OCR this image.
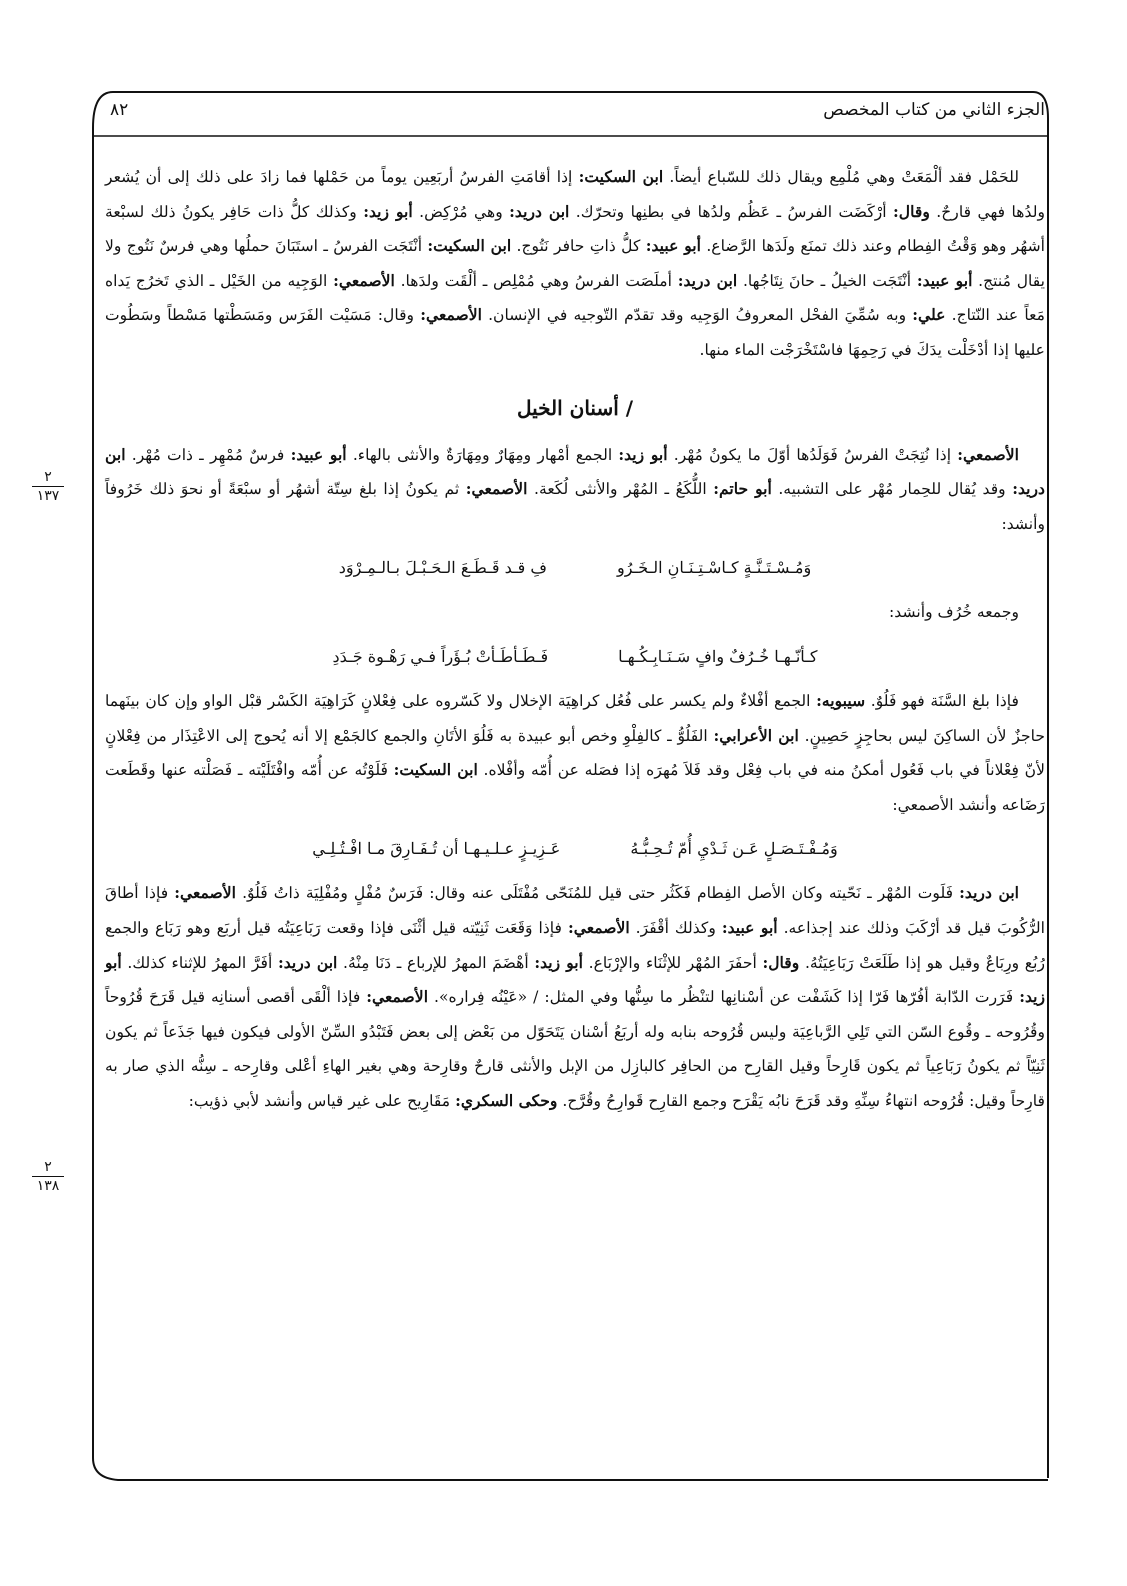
الجزء الثاني من كتاب المخصص
٨٢

للحَمْل فقد ألْمَعَتْ وهي مُلْمِع ويقال ذلك للسّباع أيضاً. ابن السكيت: إذا أقامَتِ الفرسُ أربَعِين يوماً من حَمْلها فما زادَ على ذلك إلى أن يُشعر ولدُها فهي قارحٌ. وقال: أرْكَضَت الفرسُ ـ عَظُم ولدُها في بطنِها وتحرّك. ابن دريد: وهي مُرْكِض. أبو زيد: وكذلك كلُّ ذات حَافِر يكونُ ذلك لسبْعة أشهُر وهو وَقْتُ الفِطام وعند ذلك تمنَع ولَدَها الرَّضاع. أبو عبيد: كلُّ ذاتِ حافر نَتُوج. ابن السكيت: أنْتَجَت الفرسُ ـ استَبَانَ حملُها وهي فرسٌ نَتُوج ولا يقال مُنتج. أبو عبيد: أنْتَجَت الخيلُ ـ حانَ نِتَاجُها. ابن دريد: أملَصَت الفرسُ وهي مُمْلِص ـ ألْقَت ولدَها. الأصمعي: الوَجِيه من الخَيْل ـ الذي تَخرُج يَداه مَعاً عند النّتاج. علي: وبه سُمِّيَ الفحْل المعروفُ الوَجِيه وقد تقدّم التّوجيه في الإنسان. الأصمعي: وقال: مَسَيْت الفَرَس ومَسَطْتها مَسْطاً وسَطُوت عليها إذا أدْخَلْت يدَكَ في رَحِمِهَا فاسْتَخْرَجْت الماء منها.

/ أسنان الخيل

الأصمعي: إذا نُتِجَتْ الفرسُ فَوَلَدُها أوّلَ ما يكونُ مُهْر. أبو زيد: الجمع أمْهار ومِهَارٌ ومِهَارَةٌ والأنثى بالهاء. أبو عبيد: فرسٌ مُمْهِر ـ ذات مُهْر. ابن دريد: وقد يُقال للحِمار مُهْر على التشبيه. أبو حاتم: اللُّكَعُ ـ المُهْر والأنثى لُكَعة. الأصمعي: ثم يكونُ إذا بلغ سِتّة أشهُر أو سبْعَةً أو نحوَ ذلك خَرُوفاً وأنشد:

وَمُـسْـتَـنَّـةٍ كـاسْـتِـنَـانِ الـخَـرُو
فِ قـد قَـطَـعَ الـحَـبْـلَ بـالـمِـرْوَد

وجمعه خُرُف وأنشد:

كـأنّـهـا خُـرُفٌ وافٍ سَـنَـابِـكُـهـا
فَـطَـأطَـأتْ بُـؤَراً فـي رَهْـوة جَـدَدِ

فإذا بلغ السَّنَة فهو فَلُوٌ. سيبويه: الجمع أفْلاءٌ ولم يكسر على فُعُل كراهِيَة الإخلال ولا كَسّروه على فِعْلانٍ كَرَاهِيَة الكَسْر قبْل الواو وإن كان بينَهما حاجزٌ لأن الساكِنَ ليس بحاجِزٍ حَصِينٍ. ابن الأعرابي: الفَلُوُّ ـ كالفِلْوِ وخص أبو عبيدة به فَلُوَ الأتَانِ والجمع كالجَمْع إلا أنه يُحوج إلى الاعْتِذَار من فِعْلانٍ لأنّ فِعْلاناً في باب فَعُول أمكنُ منه في باب فِعْل وقد فَلاَ مُهرَه إذا فصَله عن أُمّه وأفْلاه. ابن السكيت: فَلَوْتُه عن أُمّه وافْتَلَيْته ـ فَصَلْته عنها وقَطَعت رَضَاعه وأنشد الأصمعي:

وَمُـفْـتَـصَـلٍ عَـن ثَـدْيِ أُمّ تُـحِـبُّـهُ
عَـزِيـزٍ عـلـيـهـا أن تُـفَـارِقَ مـا افْـتُـلِـي

ابن دريد: فَلَوت المُهْر ـ نَحّيته وكان الأصل الفِطام فَكَثُر حتى قيل للمُنَحّى مُفْتَلَى عنه وقال: فَرَسٌ مُفْلٍ ومُفْلِيَة ذاتُ فَلُوٌ. الأصمعي: فإذا أطاقَ الرُّكُوبَ قيل قد أرْكَبَ وذلك عند إجذاعه. أبو عبيد: وكذلك أقْفَرَ. الأصمعي: فإذا وَقَعَت ثَنِيّته قيل أثْنَى فإذا وقعت رَبَاعِيَتُه قيل أربَع وهو رَبَاع والجمع رُبُع ورِبَاعٌ وقيل هو إذا طَلَعَتْ رَبَاعِيَتُهُ. وقال: أحفَرَ المُهْر للإثْنَاء والإرْبَاع. أبو زيد: أهْضَمَ المهرُ للإرباع ـ دَنَا مِنْهُ. ابن دريد: أفَرَّ المهرُ للإثناء كذلك. أبو زيد: فَرَرت الدّابة أفُرّها فَرّا إذا كَشَفْت عن أسْنانِها لتنْظُر ما سِنُّها وفي المثل: / «عَيْنُه فِراره». الأصمعي: فإذا ألْقَى أقصى أسنانِه قيل قَرَحَ قُرُوحاً وقُرُوحه ـ وقُوع السّن التي تَلِي الرَّباعِيَة وليس قُرُوحه بنابه وله أربَعُ أسْنان يَتَحَوّل من بَعْض إلى بعض فَتَبْدُو السِّنّ الأولى فيكون فيها جَذَعاً ثم يكون ثَنِيّاً ثم يكونُ رَبَاعِياً ثم يكون قَارِحاً وقيل القارِح من الحافِر كالبازِل من الإبل والأنثى قارحٌ وقارِحة وهي بغير الهاءِ أعْلى وقارِحه ـ سِنُّه الذي صار به قارِحاً وقيل: قُرُوحه انتهاءُ سِنِّهِ وقد قَرَحَ نابُه يَقْرَح وجمع القارِح قَوارِحُ وقُرَّح. وحكى السكري: مَقَارِيح على غير قياس وأنشد لأبي ذؤيب:

٢
١٣٧
٢
١٣٨
